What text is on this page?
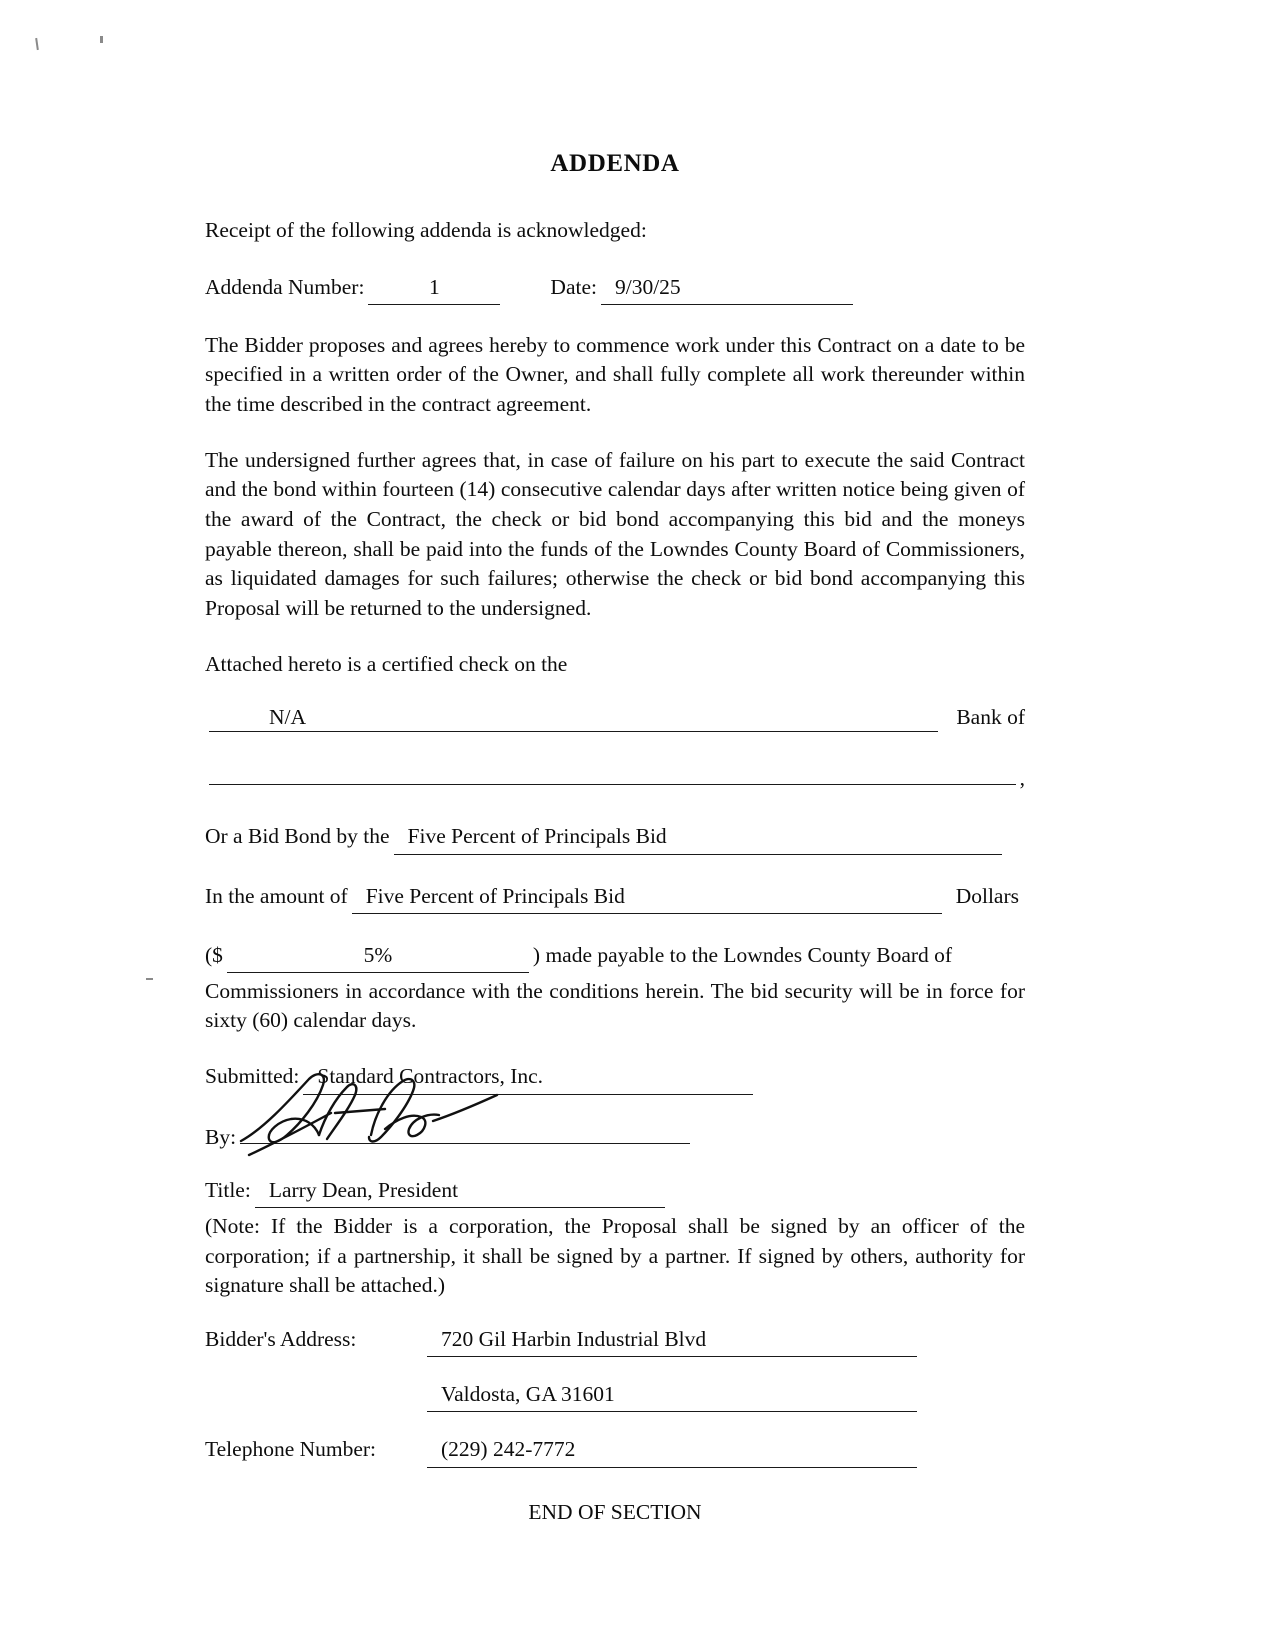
ADDENDA

Receipt of the following addenda is acknowledged:

Addenda Number:	1	Date: 9/30/25

The Bidder proposes and agrees hereby to commence work under this Contract on a date to be specified in a written order of the Owner, and shall fully complete all work thereunder within the time described in the contract agreement.

The undersigned further agrees that, in case of failure on his part to execute the said Contract and the bond within fourteen (14) consecutive calendar days after written notice being given of the award of the Contract, the check or bid bond accompanying this bid and the moneys payable thereon, shall be paid into the funds of the Lowndes County Board of Commissioners, as liquidated damages for such failures; otherwise the check or bid bond accompanying this Proposal will be returned to the undersigned.

Attached hereto is a certified check on the

N/A	Bank of
,
Or a Bid Bond by the Five Percent of Principals Bid
In the amount of Five Percent of Principals Bid	Dollars
($	5%	) made payable to the Lowndes County Board of

Commissioners in accordance with the conditions herein. The bid security will be in force for sixty (60) calendar days.

Submitted: Standard Contractors, Inc.
By:
Title: Larry Dean, President

(Note: If the Bidder is a corporation, the Proposal shall be signed by an officer of the corporation; if a partnership, it shall be signed by a partner. If signed by others, authority for signature shall be attached.)

Bidder's Address:	720 Gil Harbin Industrial Blvd
Valdosta, GA 31601
Telephone Number:	(229) 242-7772
END OF SECTION
